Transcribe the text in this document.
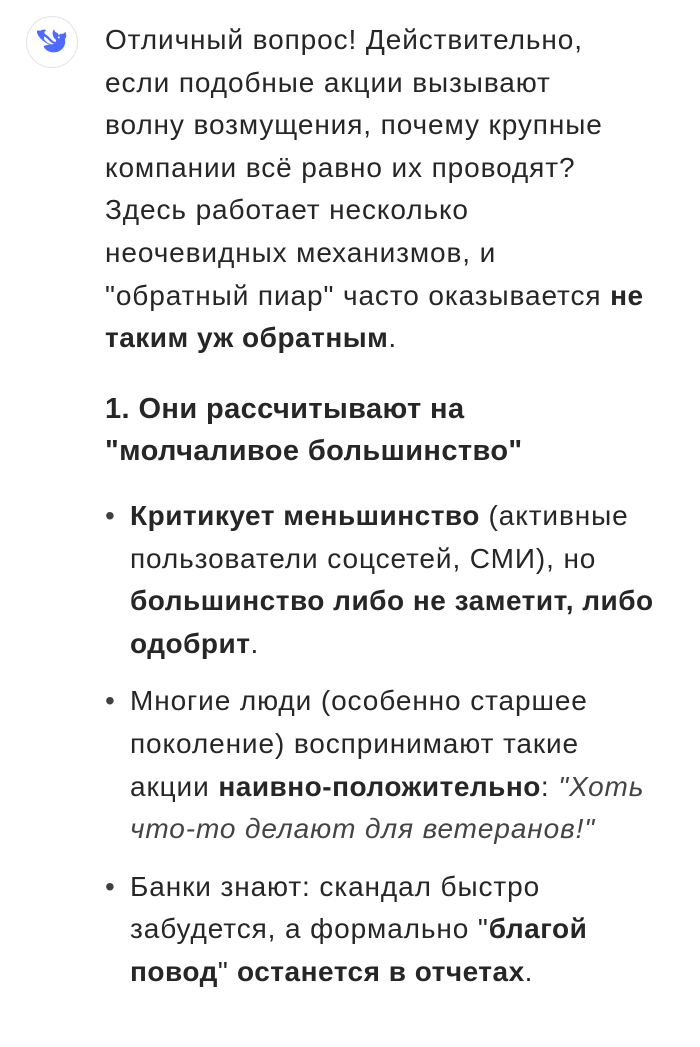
Отличный вопрос! Действительно,
если подобные акции вызывают
волну возмущения, почему крупные
компании всё равно их проводят?
Здесь работает несколько
неочевидных механизмов, и
"обратный пиар" часто оказывается не
таким уж обратным.

1. Они рассчитывают на
"молчаливое большинство"
• Критикует меньшинство (активные
пользователи соцсетей, СМИ), но
большинство либо не заметит, либо
одобрит.
• Многие люди (особенно старшее
поколение) воспринимают такие
акции наивно-положительно: "Хоть
что-то делают для ветеранов!"
• Банки знают: скандал быстро
забудется, а формально "благой
повод" останется в отчетах.
